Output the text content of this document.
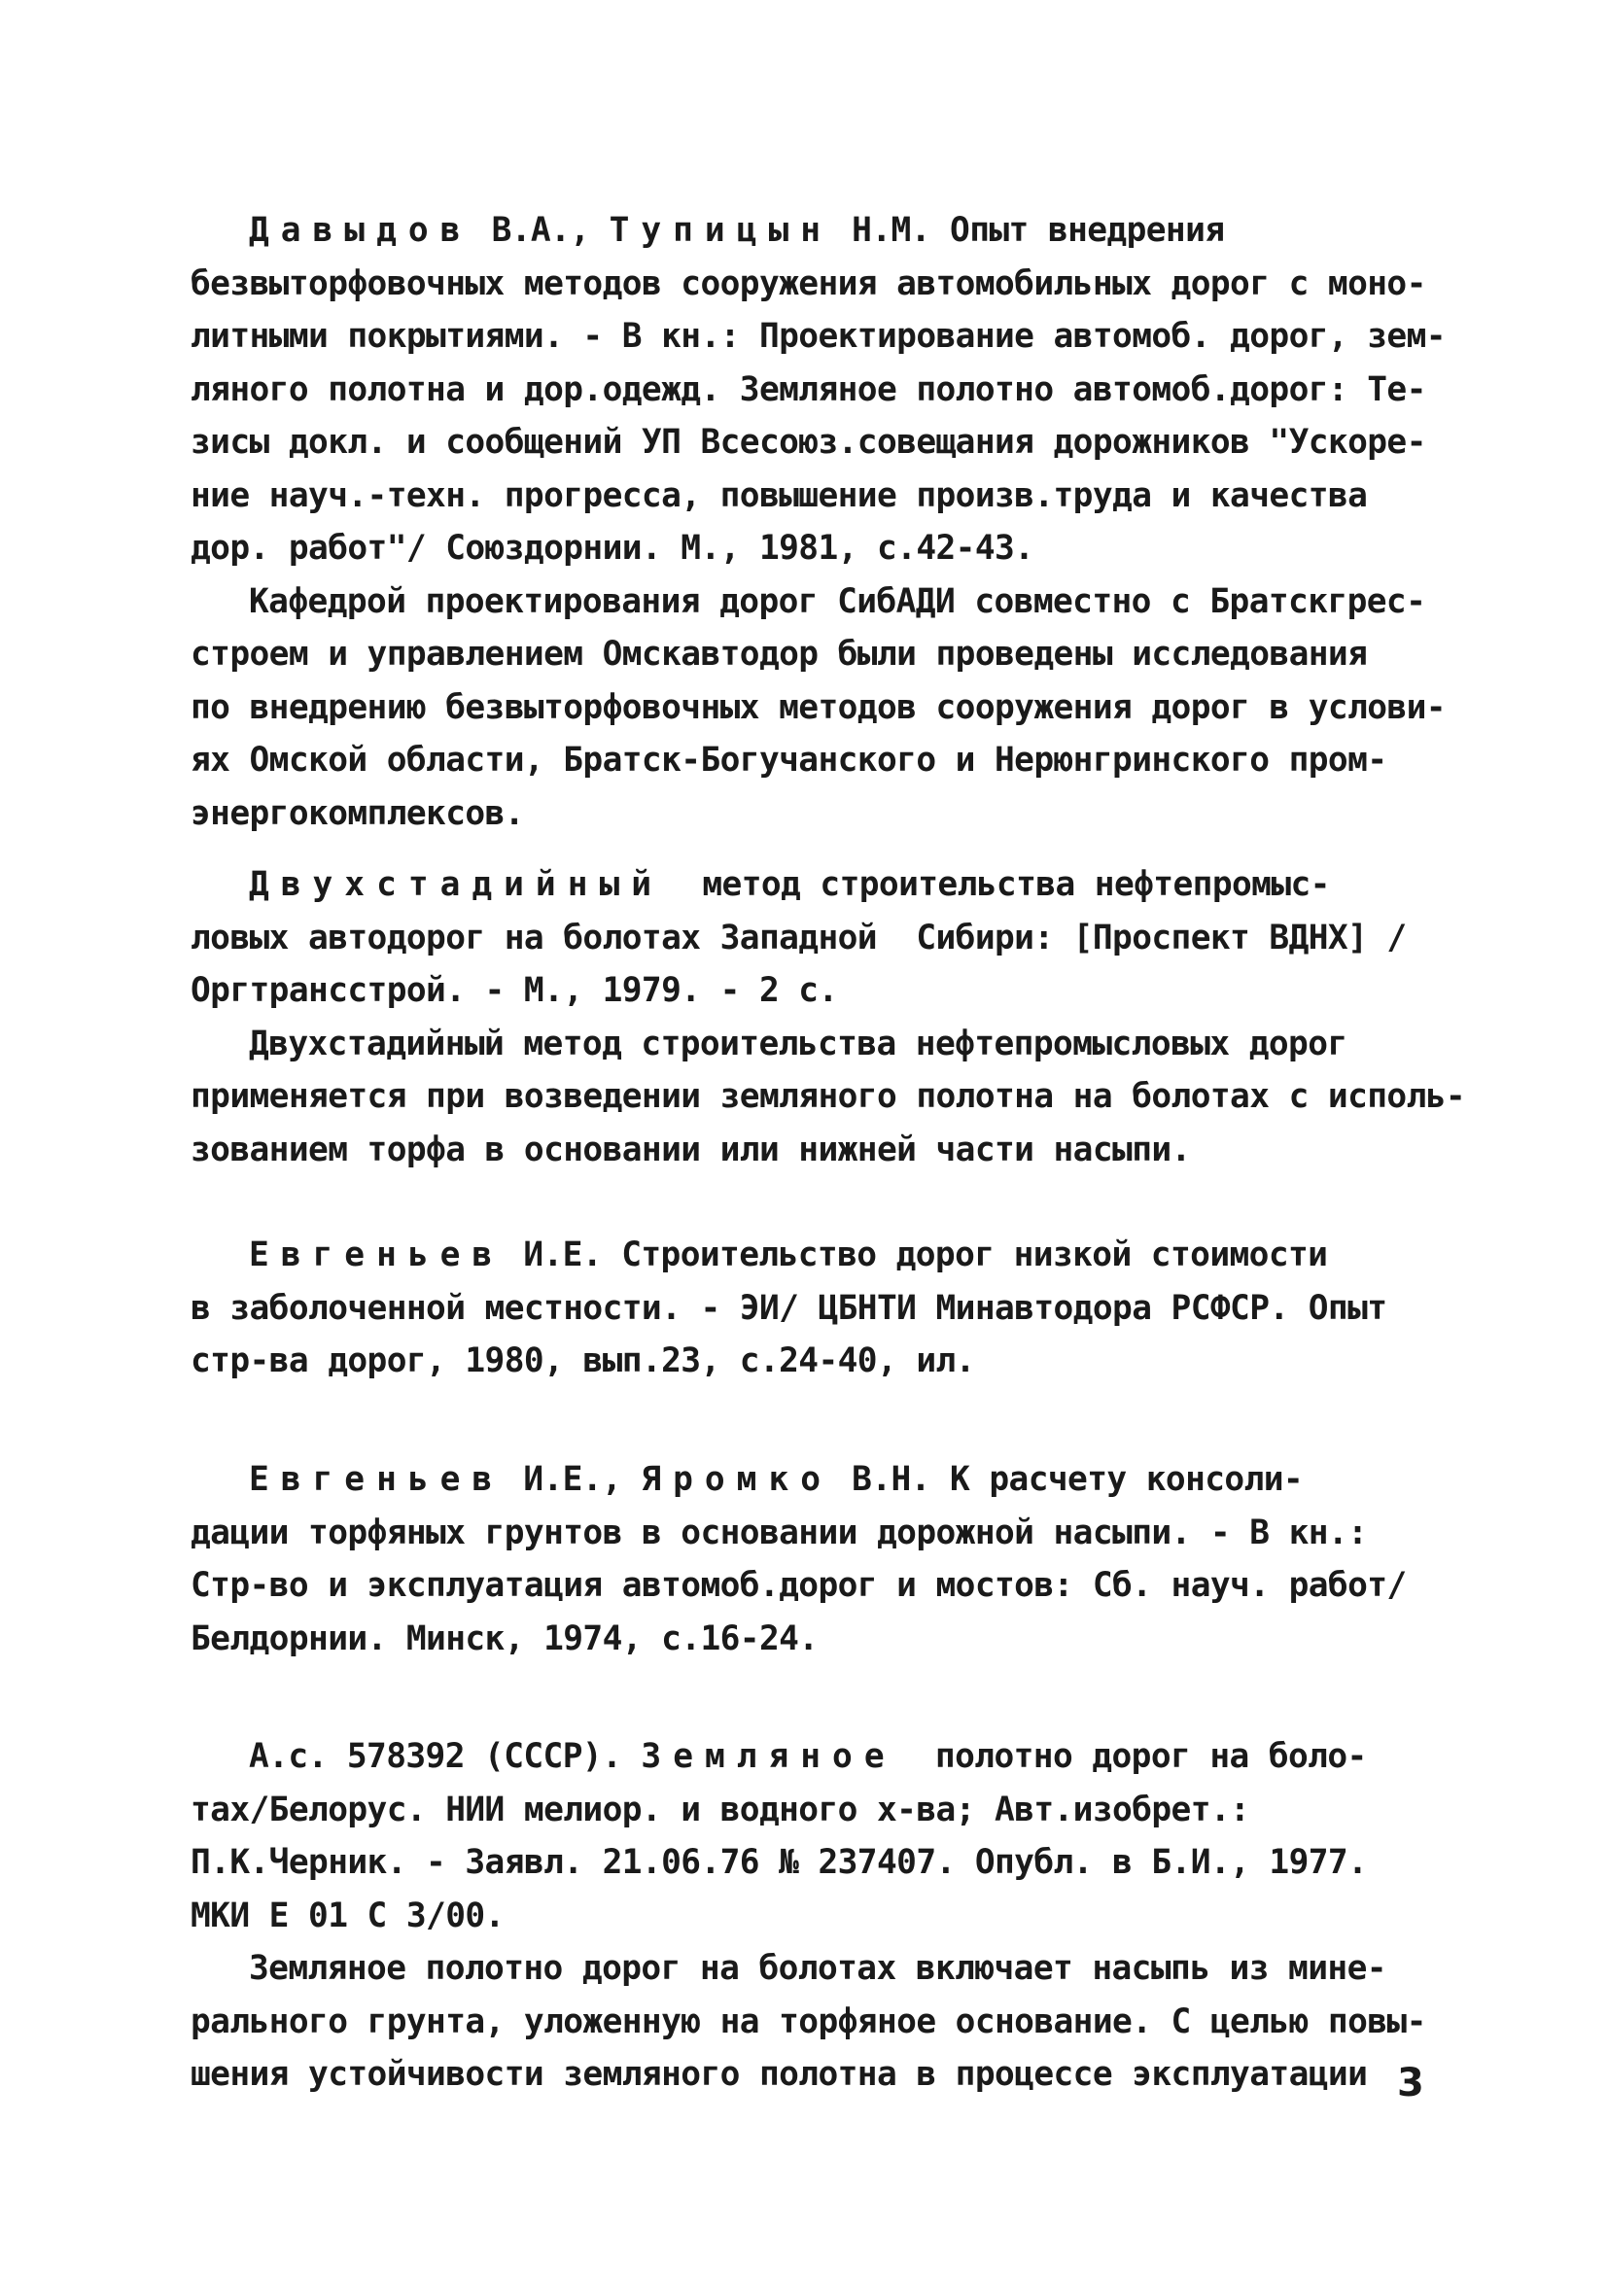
Давыдов В.А., Тупицын Н.М. Опыт внедрения
безвыторфовочных методов сооружения автомобильных дорог с моно-
литными покрытиями. - В кн.: Проектирование автомоб. дорог, зем-
ляного полотна и дор.одежд. Земляное полотно автомоб.дорог: Те-
зисы докл. и сообщений УП Всесоюз.совещания дорожников "Ускоре-
ние науч.-техн. прогресса, повышение произв.труда и качества
дор. работ"/ Союздорнии. М., 1981, с.42-43.
Кафедрой проектирования дорог СибАДИ совместно с Братскгрес-
строем и управлением Омскавтодор были проведены исследования
по внедрению безвыторфовочных методов сооружения дорог в услови-
ях Омской области, Братск-Богучанского и Нерюнгринского пром-
энергокомплексов.
Двухстадийный  метод строительства нефтепромыс-
ловых автодорог на болотах Западной  Сибири: [Проспект ВДНХ] /
Оргтрансстрой. - М., 1979. - 2 с.
Двухстадийный метод строительства нефтепромысловых дорог
применяется при возведении земляного полотна на болотах с исполь-
зованием торфа в основании или нижней части насыпи.
Евгеньев И.Е. Строительство дорог низкой стоимости
в заболоченной местности. - ЭИ/ ЦБНТИ Минавтодора РСФСР. Опыт
стр-ва дорог, 1980, вып.23, с.24-40, ил.
Евгеньев И.Е., Яромко В.Н. К расчету консоли-
дации торфяных грунтов в основании дорожной насыпи. - В кн.:
Стр-во и эксплуатация автомоб.дорог и мостов: Сб. науч. работ/
Белдорнии. Минск, 1974, с.16-24.
А.с. 578392 (СССР). Земляное  полотно дорог на боло-
тах/Белорус. НИИ мелиор. и водного х-ва; Авт.изобрет.:
П.К.Черник. - Заявл. 21.06.76 № 237407. Опубл. в Б.И., 1977.
МКИ Е 01 С 3/00.
Земляное полотно дорог на болотах включает насыпь из мине-
рального грунта, уложенную на торфяное основание. С целью повы-
шения устойчивости земляного полотна в процессе эксплуатации 3
